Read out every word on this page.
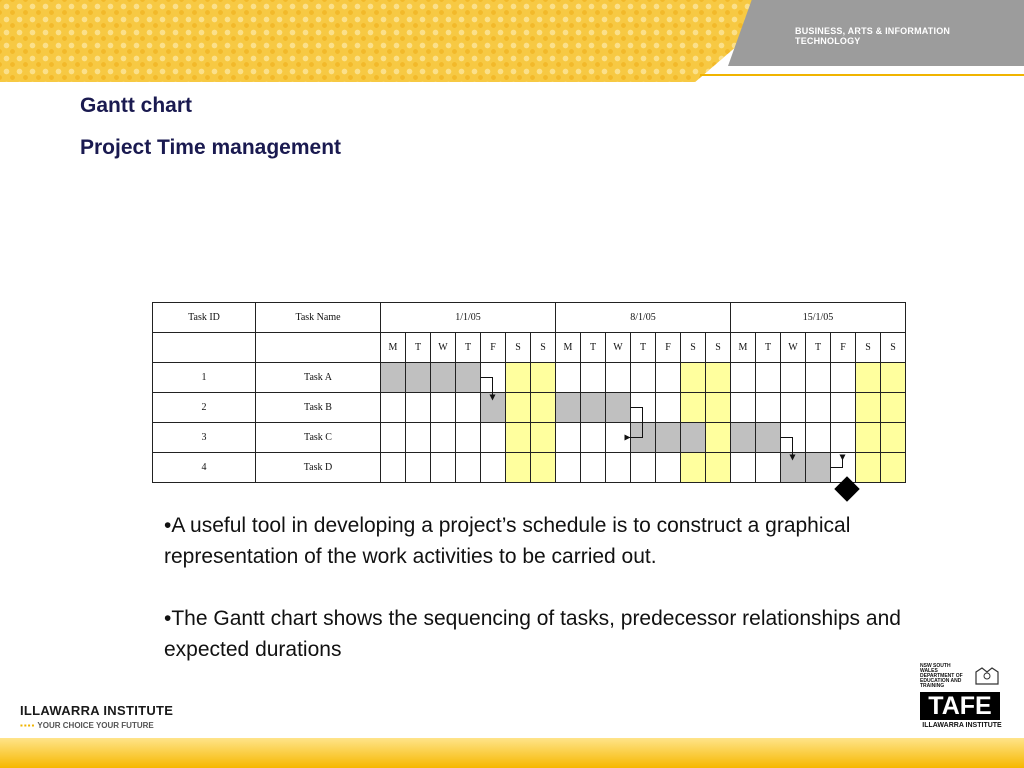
BUSINESS, ARTS & INFORMATION TECHNOLOGY
Gantt chart
Project Time management
Task ID	Task Name	1/1/05							8/1/05							15/1/05						
		M	T	W	T	F	S	S	M	T	W	T	F	S	S	M	T	W	T	F	S	S
1	Task A																					
2	Task B																					
3	Task C																					
4	Task D																					

•A useful tool in developing a project’s schedule is to construct a graphical representation of the work activities to be carried out.

•The Gantt chart shows the sequencing of tasks, predecessor relationships and expected durations

ILLAWARRA INSTITUTE
▪▪▪▪ YOUR CHOICE YOUR FUTURE
NSW SOUTH WALES DEPARTMENT OF EDUCATION AND TRAINING
TAFE
ILLAWARRA INSTITUTE
